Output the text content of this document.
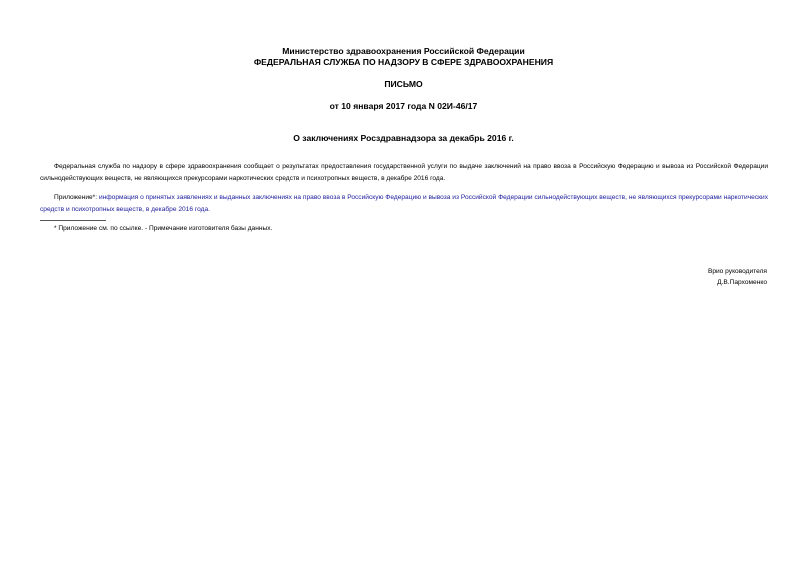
Министерство здравоохранения Российской Федерации
ФЕДЕРАЛЬНАЯ СЛУЖБА ПО НАДЗОРУ В СФЕРЕ ЗДРАВООХРАНЕНИЯ
ПИСЬМО
от 10 января 2017 года N 02И-46/17
О заключениях Росздравнадзора за декабрь 2016 г.

Федеральная служба по надзору в сфере здравоохранения сообщает о результатах предоставления государственной услуги по выдаче заключений на право ввоза в Российскую Федерацию и вывоза из Российской Федерации сильнодействующих веществ, не являющихся прекурсорами наркотических средств и психотропных веществ, в декабре 2016 года.

Приложение*: информация о принятых заявлениях и выданных заключениях на право ввоза в Российскую Федерацию и вывоза из Российской Федерации сильнодействующих веществ, не являющихся прекурсорами наркотических средств и психотропных веществ, в декабре 2016 года.

* Приложение см. по ссылке. - Примечание изготовителя базы данных.
Врио руководителя
Д.В.Пархоменко
